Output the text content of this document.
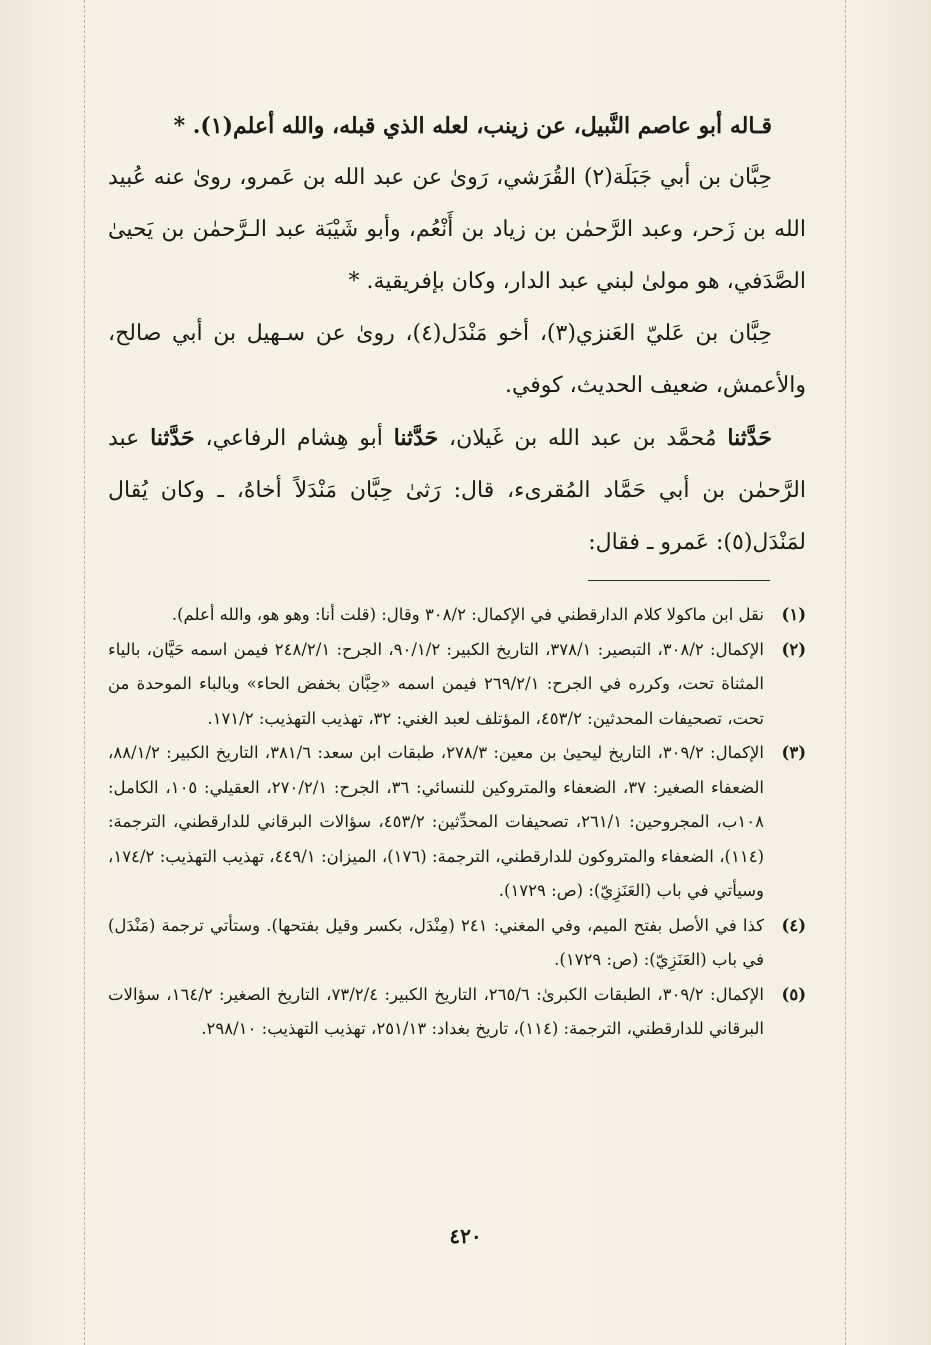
قـاله أبو عاصم النَّبيل، عن زينب، لعله الذي قبله، والله أعلم(١). *

حِبَّان بن أبي جَبَلَة(٢) القُرَشي، رَوىٰ عن عبد الله بن عَمرو، روىٰ عنه عُبيد الله بن زَحر، وعبد الرَّحمٰن بن زياد بن أَنْعُم، وأبو شَيْبَة عبد الـرَّحمٰن بن يَحيىٰ الصَّدَفي، هو مولىٰ لبني عبد الدار، وكان بإفريقية. *

حِبَّان بن عَليّ العَنزي(٣)، أخو مَنْدَل(٤)، روىٰ عن سـهيل بن أبي صالح، والأعمش، ضعيف الحديث، كوفي.

حَدَّثنا مُحمَّد بن عبد الله بن غَيلان، حَدَّثنا أبو هِشام الرفاعي، حَدَّثنا عبد الرَّحمٰن بن أبي حَمَّاد المُقرىء، قال: رَثىٰ حِبَّان مَنْدَلاً أخاهُ، ـ وكان يُقال لمَنْدَل(٥): عَمرو ـ فقال:

(١)
نقل ابن ماكولا كلام الدارقطني في الإكمال: ٣٠٨/٢ وقال: (قلت أنا: وهو هو، والله أعلم).
(٢)
الإكمال: ٣٠٨/٢، التبصير: ٣٧٨/١، التاريخ الكبير: ٩٠/١/٢، الجرح: ٢٤٨/٢/١ فيمن اسمه حَيَّان، بالياء المثناة تحت، وكرره في الجرح: ٢٦٩/٢/١ فيمن اسمه «حِبَّان بخفض الحاء» وبالباء الموحدة من تحت، تصحيفات المحدثين: ٤٥٣/٢، المؤتلف لعبد الغني: ٣٢، تهذيب التهذيب: ١٧١/٢.
(٣)
الإكمال: ٣٠٩/٢، التاريخ ليحيىٰ بن معين: ٢٧٨/٣، طبقات ابن سعد: ٣٨١/٦، التاريخ الكبير: ٨٨/١/٢، الضعفاء الصغير: ٣٧، الضعفاء والمتروكين للنسائي: ٣٦، الجرح: ٢٧٠/٢/١، العقيلي: ١٠٥، الكامل: ١٠٨ب، المجروحين: ٢٦١/١، تصحيفات المحدِّثين: ٤٥٣/٢، سؤالات البرقاني للدارقطني، الترجمة: (١١٤)، الضعفاء والمتروكون للدارقطني، الترجمة: (١٧٦)، الميزان: ٤٤٩/١، تهذيب التهذيب: ١٧٤/٢، وسيأتي في باب (العَنَزِيّ): (ص: ١٧٢٩).
(٤)
كذا في الأصل بفتح الميم، وفي المغني: ٢٤١ (مِنْدَل، بكسر وقيل بفتحها). وستأتي ترجمة (مَنْدَل) في باب (العَنَزِيّ): (ص: ١٧٢٩).
(٥)
الإكمال: ٣٠٩/٢، الطبقات الكبرىٰ: ٢٦٥/٦، التاريخ الكبير: ٧٣/٢/٤، التاريخ الصغير: ١٦٤/٢، سؤالات البرقاني للدارقطني، الترجمة: (١١٤)، تاريخ بغداد: ٢٥١/١٣، تهذيب التهذيب: ٢٩٨/١٠.
٤٢٠
